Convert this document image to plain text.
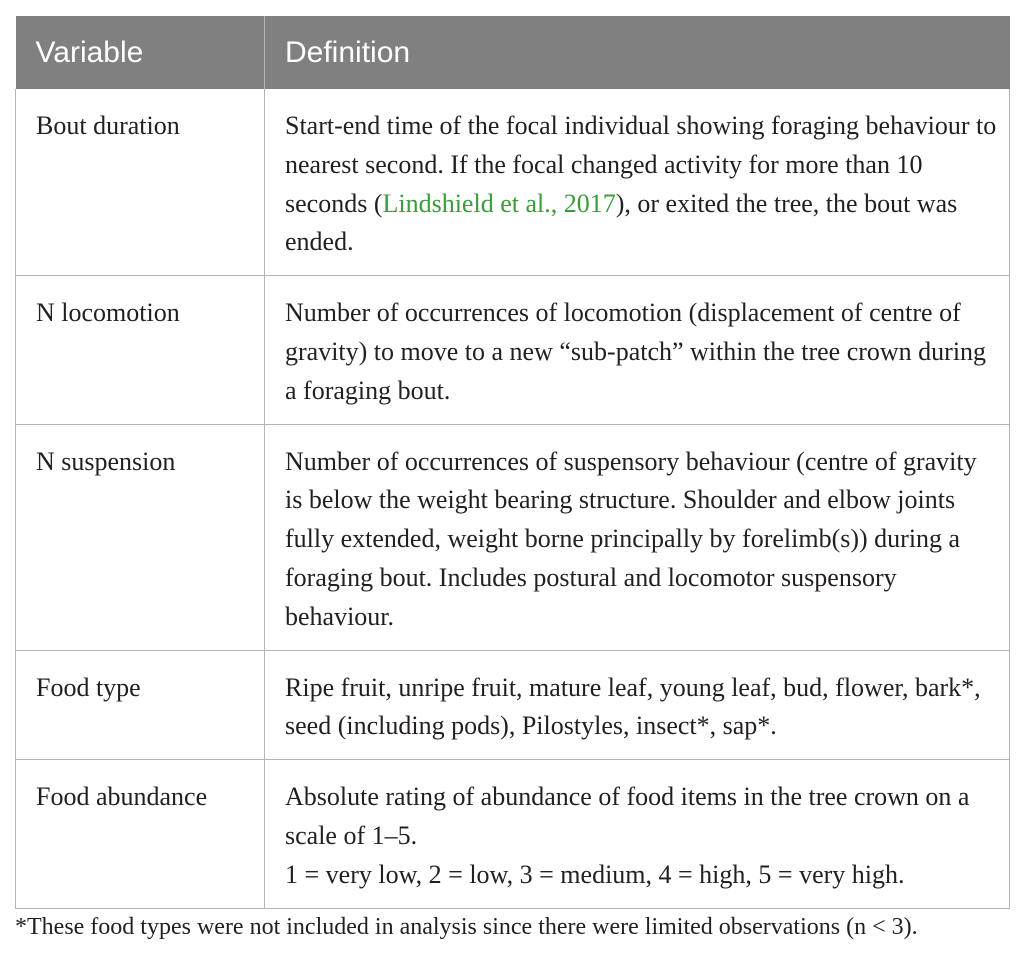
Variable	Definition
Bout duration	Start-end time of the focal individual showing foraging behaviour to nearest second. If the focal changed activity for more than 10 seconds (Lindshield et al., 2017), or exited the tree, the bout was ended.
N locomotion	Number of occurrences of locomotion (displacement of centre of gravity) to move to a new “sub-patch” within the tree crown during a foraging bout.
N suspension	Number of occurrences of suspensory behaviour (centre of gravity is below the weight bearing structure. Shoulder and elbow joints fully extended, weight borne principally by forelimb(s)) during a foraging bout. Includes postural and locomotor suspensory behaviour.
Food type	Ripe fruit, unripe fruit, mature leaf, young leaf, bud, flower, bark*, seed (including pods), Pilostyles, insect*, sap*.
Food abundance	Absolute rating of abundance of food items in the tree crown on a scale of 1–5.
1 = very low, 2 = low, 3 = medium, 4 = high, 5 = very high.
*These food types were not included in analysis since there were limited observations (n < 3).
